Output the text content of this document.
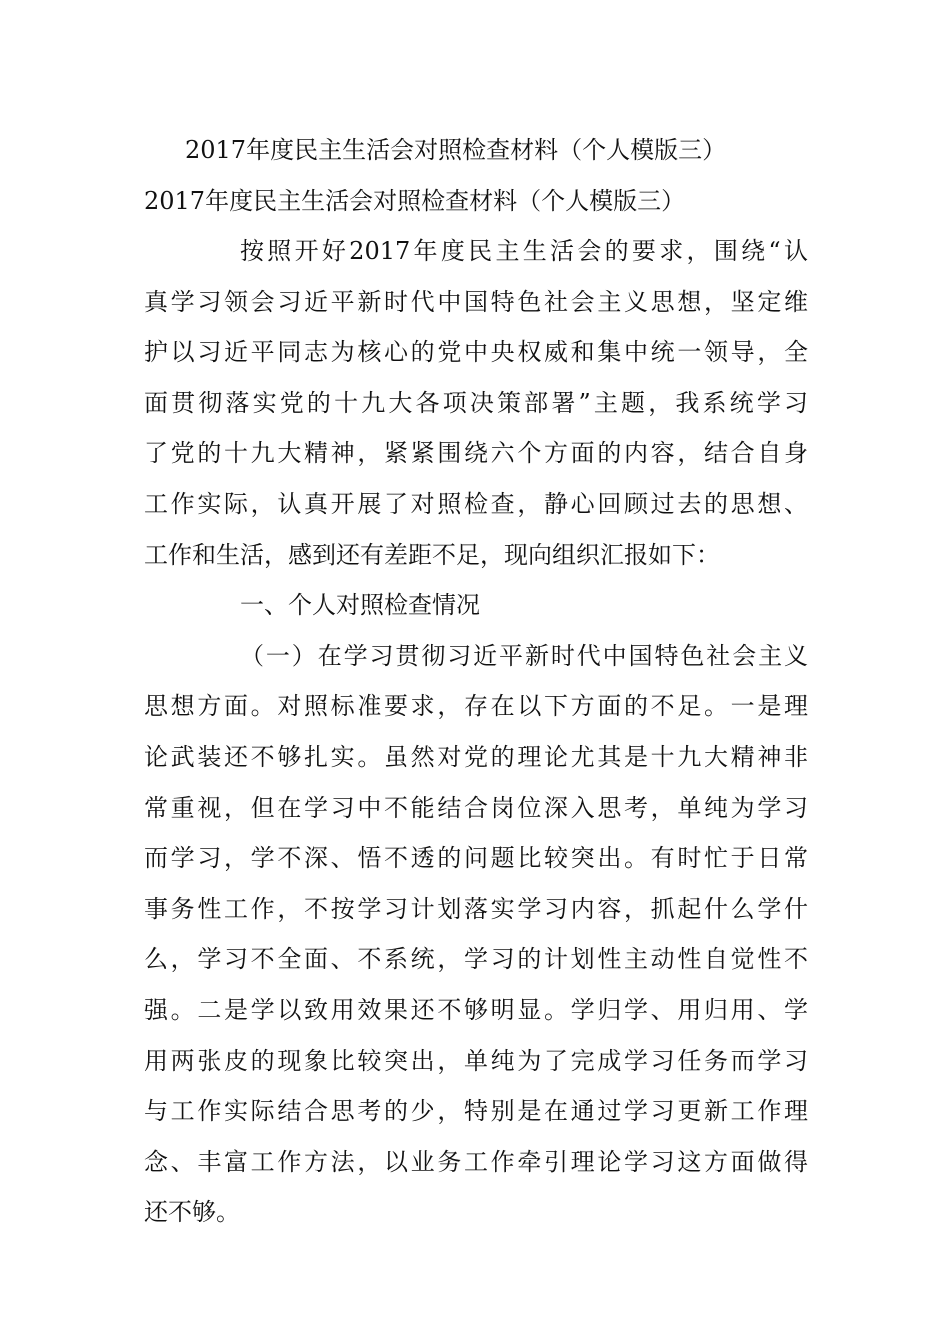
2017年度民主生活会对照检查材料（个人模版三）
2017年度民主生活会对照检查材料（个人模版三）
按照开好2017年度民主生活会的要求，围绕“认
真学习领会习近平新时代中国特色社会主义思想，坚定维
护以习近平同志为核心的党中央权威和集中统一领导，全
面贯彻落实党的十九大各项决策部署”主题，我系统学习
了党的十九大精神，紧紧围绕六个方面的内容，结合自身
工作实际，认真开展了对照检查，静心回顾过去的思想、
工作和生活，感到还有差距不足，现向组织汇报如下：
一、个人对照检查情况
（一）在学习贯彻习近平新时代中国特色社会主义
思想方面。对照标准要求，存在以下方面的不足。一是理
论武装还不够扎实。虽然对党的理论尤其是十九大精神非
常重视，但在学习中不能结合岗位深入思考，单纯为学习
而学习，学不深、悟不透的问题比较突出。有时忙于日常
事务性工作，不按学习计划落实学习内容，抓起什么学什
么，学习不全面、不系统，学习的计划性主动性自觉性不
强。二是学以致用效果还不够明显。学归学、用归用、学
用两张皮的现象比较突出，单纯为了完成学习任务而学习
与工作实际结合思考的少，特别是在通过学习更新工作理
念、丰富工作方法，以业务工作牵引理论学习这方面做得
还不够。
